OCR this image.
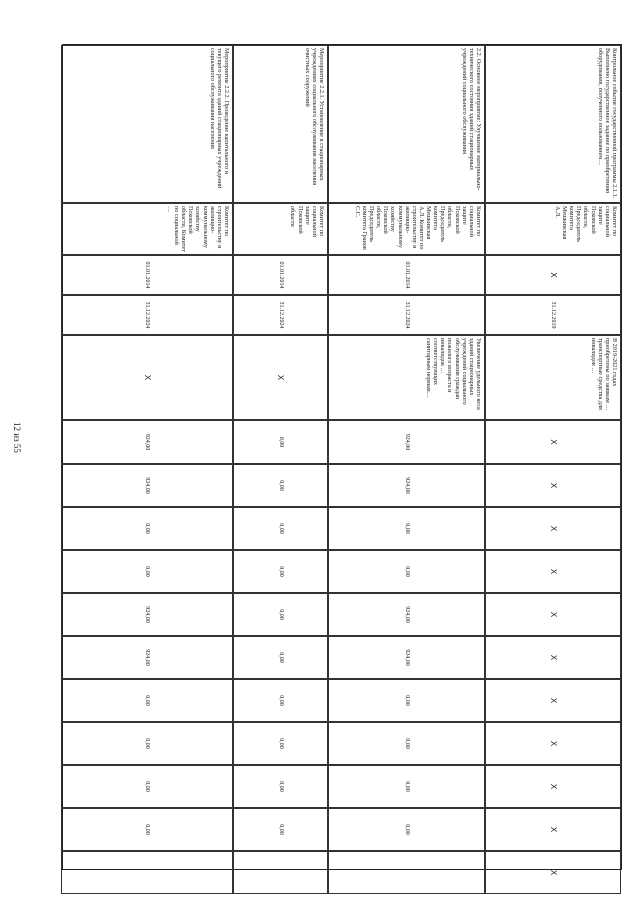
12 из 55
Контрольное событие государственной программы 2.1.1. Выполнено государственное задание по приобретению оборудования, полученного пользованием…
Комитет по социальной защите Псковской области, Председатель комитета Мешкивская А.Л.
X
31.12.2019
В 2019-2021 годах приобретены по заявкам … транспортные средства для инвалидов …
X
X
X
X
X
X
X
X
X
X
X
2.2. Основное мероприятие: Улучшение материально-технического состояния зданий стационарных учреждений социального обслуживания
Комитет по социальной защите Псковской области, Председатель комитета Мешкивская А.Л. Комитет по строительству и жилищно-коммунальному хозяйству Псковской области, Председатель комитета Гранов С.С.
01.01.2014
31.12.2024
Увеличение удельного веса зданий стационарных учреждений социального обслуживания граждан пожилого возраста и инвалидов … соответствующих санитарным нормам…
924,00
924,00
0,00
0,00
924,00
924,00
0,00
0,00
0,00
0,00
Мероприятие 2.2.1. Установление в стационарных учреждениях социального обслуживания населения очистных сооружений
Комитет по социальной защите Псковской области
01.01.2014
31.12.2024
X
0,00
0,00
0,00
0,00
0,00
0,00
0,00
0,00
0,00
0,00
Мероприятие 2.2.2. Проведение капитального и текущего ремонта зданий стационарных учреждений социального обслуживания населения
Комитет по строительству и жилищно-коммунальному хозяйству Псковской области, Комитет по социальной …
01.01.2014
31.12.2024
X
924,00
924,00
0,00
0,00
924,00
924,00
0,00
0,00
0,00
0,00
